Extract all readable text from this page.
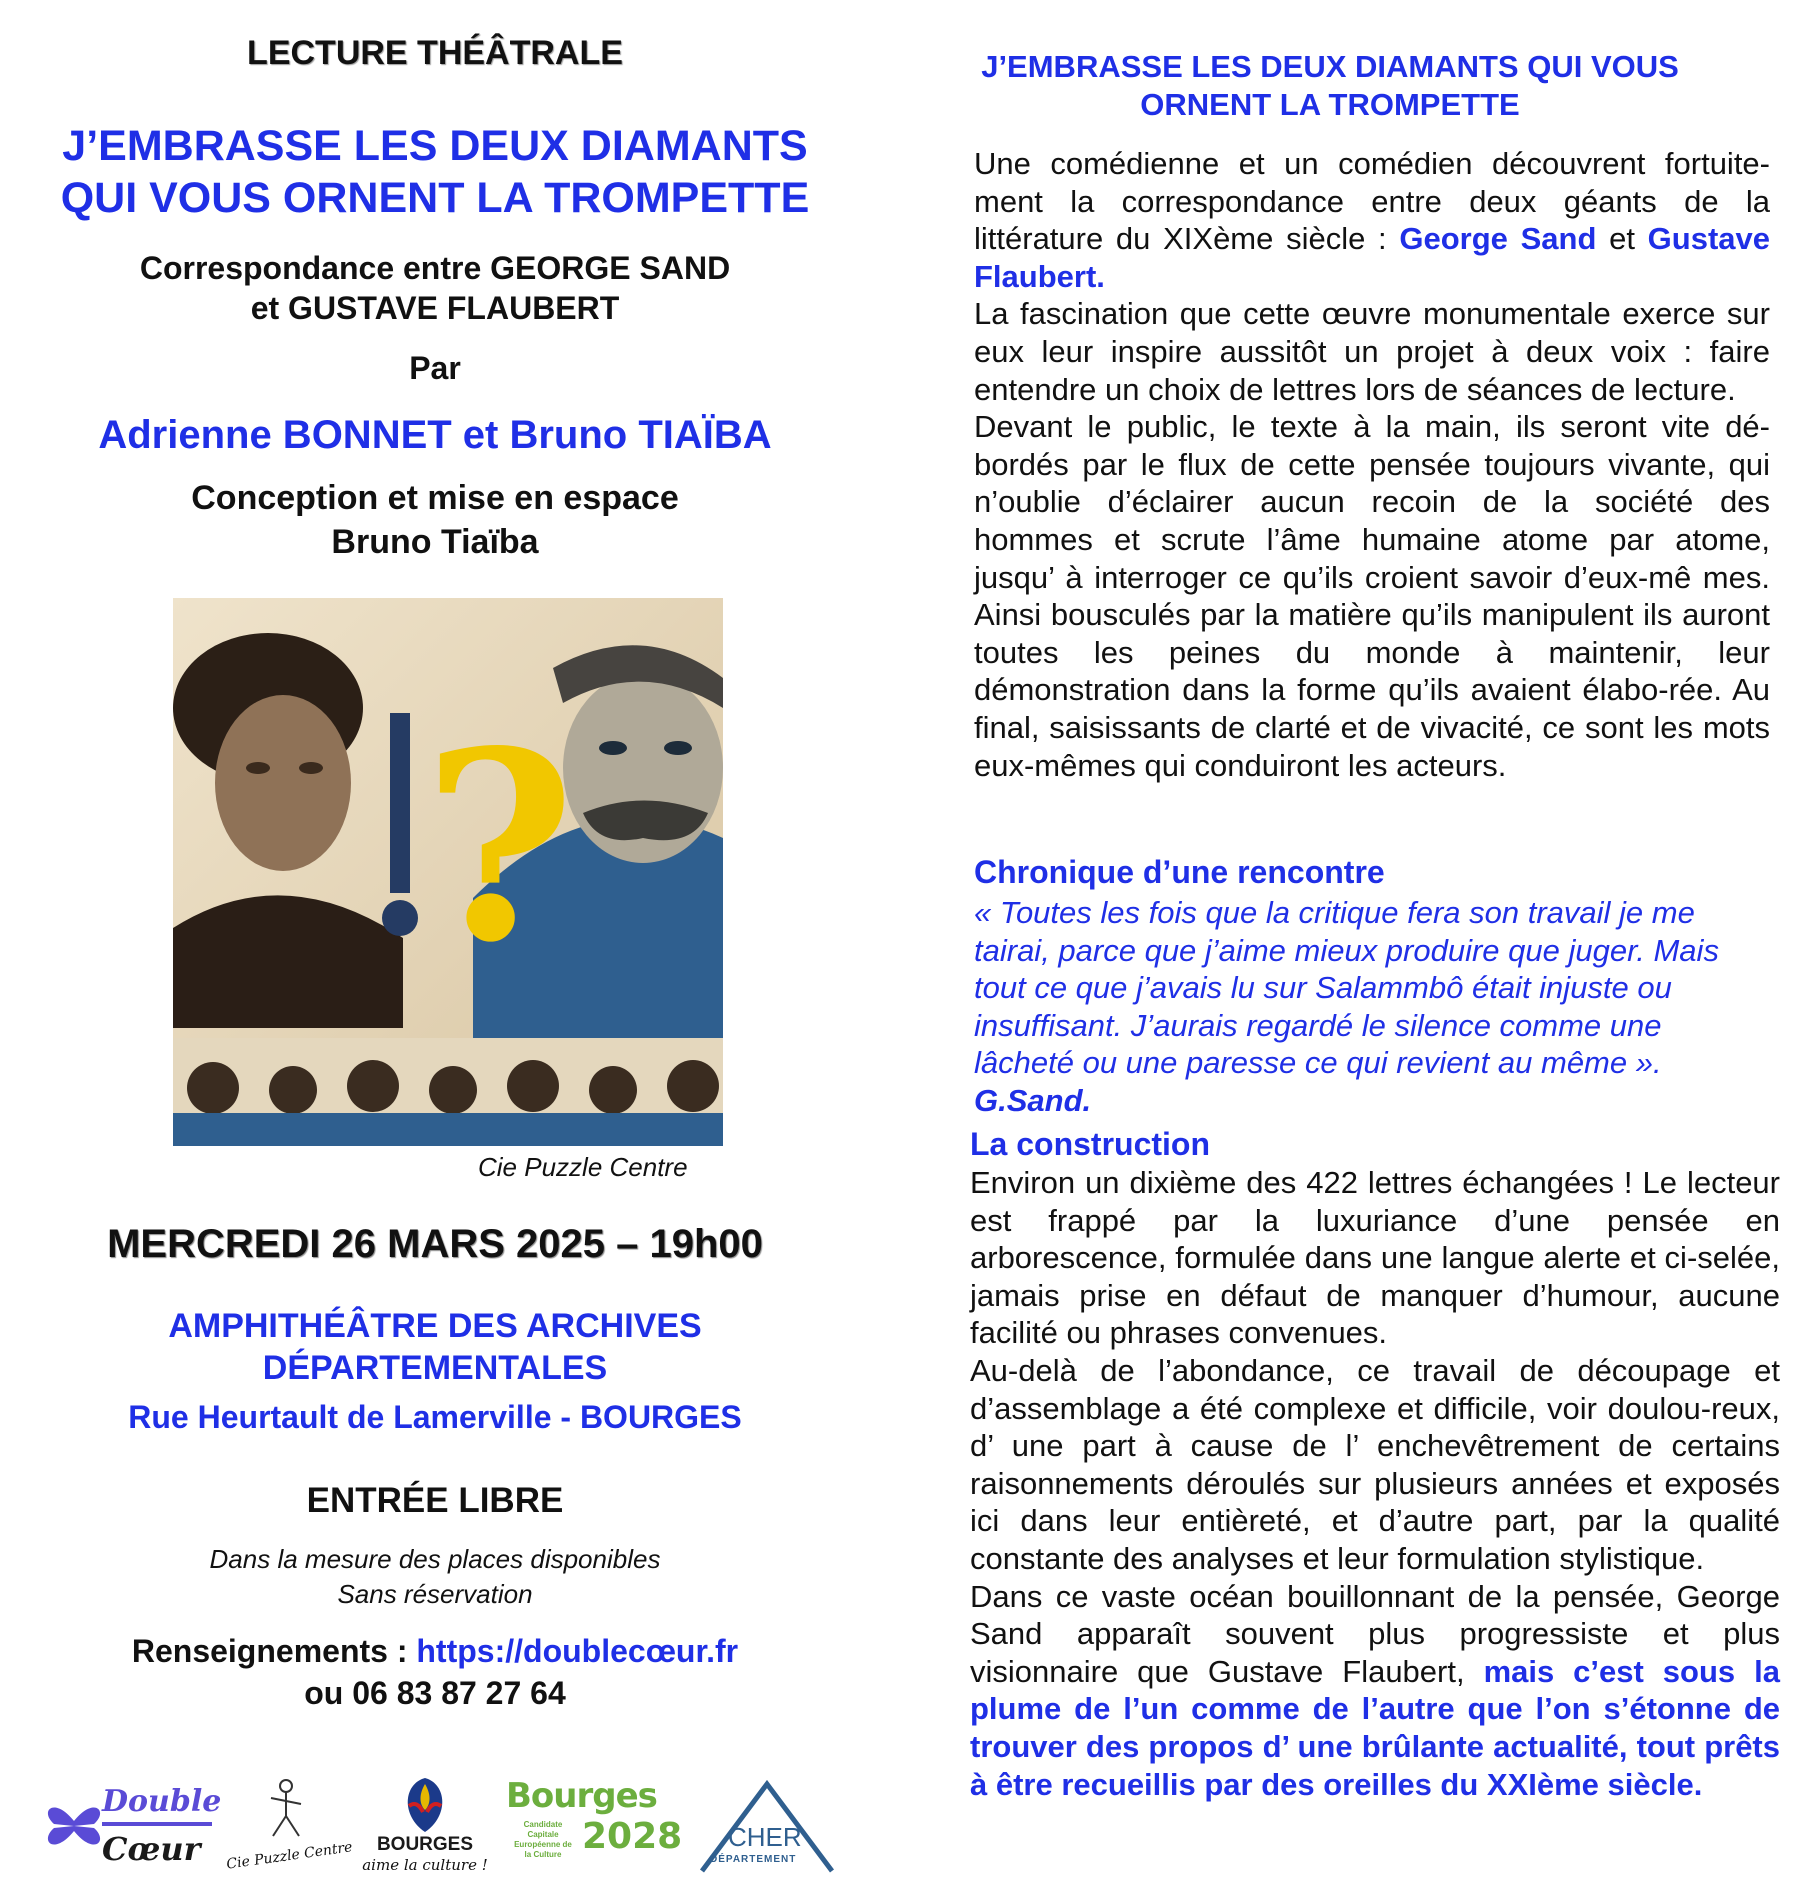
LECTURE THÉÂTRALE
J’EMBRASSE LES DEUX DIAMANTS
QUI VOUS ORNENT LA TROMPETTE
Correspondance entre GEORGE SAND
et GUSTAVE FLAUBERT
Par
Adrienne BONNET et Bruno TIAÏBA
Conception et mise en espace
Bruno Tiaïba
?
Cie Puzzle Centre
MERCREDI 26 MARS 2025 – 19h00
AMPHITHÉÂTRE DES ARCHIVES
DÉPARTEMENTALES
Rue Heurtault de Lamerville - BOURGES
ENTRÉE LIBRE
Dans la mesure des places disponibles
Sans réservation
Renseignements : https://doublecœur.fr
ou 06 83 87 27 64
Double
Cœur Cie Puzzle Centre	BOURGES
aime la culture !
Bourges
Candidate Capitale Européenne de la Culture 2028 CHER
DÉPARTEMENT
J’EMBRASSE LES DEUX DIAMANTS QUI VOUS
ORNENT LA TROMPETTE

Une comédienne et un comédien découvrent fortuite-ment la correspondance entre deux géants de la littérature du XIXème siècle : George Sand et Gustave Flaubert.

La fascination que cette œuvre monumentale exerce sur eux leur inspire aussitôt un projet à deux voix : faire entendre un choix de lettres lors de séances de lecture.

Devant le public, le texte à la main, ils seront vite dé-bordés par le flux de cette pensée toujours vivante, qui n’oublie d’éclairer aucun recoin de la société des hommes et scrute l’âme humaine atome par atome, jusqu’ à interroger ce qu’ils croient savoir d’eux-mê mes. Ainsi bousculés par la matière qu’ils manipulent ils auront toutes les peines du monde à maintenir, leur démonstration dans la forme qu’ils avaient élabo-rée. Au final, saisissants de clarté et de vivacité, ce sont les mots eux-mêmes qui conduiront les acteurs.

Chronique d’une rencontre

« Toutes les fois que la critique fera son travail je me tairai, parce que j’aime mieux produire que juger. Mais tout ce que j’avais lu sur Salammbô était injuste ou insuffisant. J’aurais regardé le silence comme une lâcheté ou une paresse ce qui revient au même ».

G.Sand.

La construction

Environ un dixième des 422 lettres échangées ! Le lecteur est frappé par la luxuriance d’une pensée en arborescence, formulée dans une langue alerte et ci-selée, jamais prise en défaut de manquer d’humour, aucune facilité ou phrases convenues.

Au-delà de l’abondance, ce travail de découpage et d’assemblage a été complexe et difficile, voir doulou-reux, d’ une part à cause de l’ enchevêtrement de certains raisonnements déroulés sur plusieurs années et exposés ici dans leur entièreté, et d’autre part, par la qualité constante des analyses et leur formulation stylistique.

Dans ce vaste océan bouillonnant de la pensée, George Sand apparaît souvent plus progressiste et plus visionnaire que Gustave Flaubert, mais c’est sous la plume de l’un comme de l’autre que l’on s’étonne de trouver des propos d’ une brûlante actualité, tout prêts à être recueillis par des oreilles du XXIème siècle.
